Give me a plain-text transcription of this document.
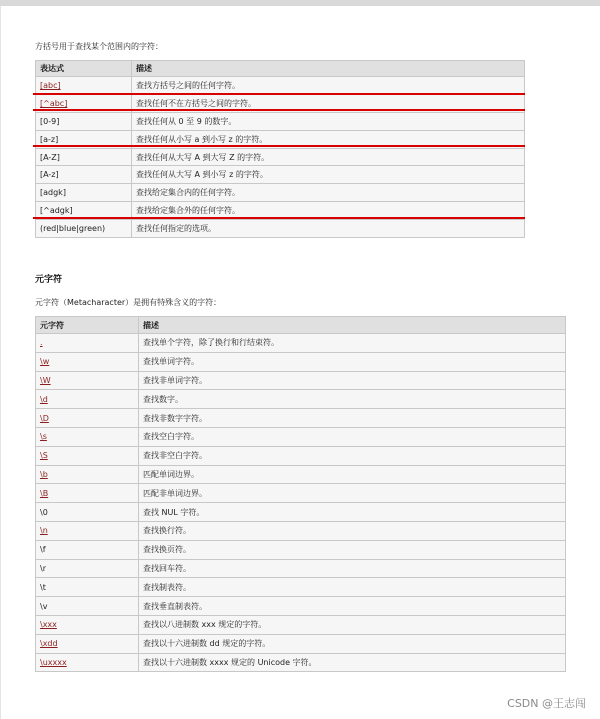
方括号用于查找某个范围内的字符：
表达式	描述
[abc]	查找方括号之间的任何字符。
[^abc]	查找任何不在方括号之间的字符。
[0-9]	查找任何从 0 至 9 的数字。
[a-z]	查找任何从小写 a 到小写 z 的字符。
[A-Z]	查找任何从大写 A 到大写 Z 的字符。
[A-z]	查找任何从大写 A 到小写 z 的字符。
[adgk]	查找给定集合内的任何字符。
[^adgk]	查找给定集合外的任何字符。
(red|blue|green)	查找任何指定的选项。
元字符
元字符（Metacharacter）是拥有特殊含义的字符：
元字符	描述
.	查找单个字符，除了换行和行结束符。
\w	查找单词字符。
\W	查找非单词字符。
\d	查找数字。
\D	查找非数字字符。
\s	查找空白字符。
\S	查找非空白字符。
\b	匹配单词边界。
\B	匹配非单词边界。
\0	查找 NUL 字符。
\n	查找换行符。
\f	查找换页符。
\r	查找回车符。
\t	查找制表符。
\v	查找垂直制表符。
\xxx	查找以八进制数 xxx 规定的字符。
\xdd	查找以十六进制数 dd 规定的字符。
\uxxxx	查找以十六进制数 xxxx 规定的 Unicode 字符。
CSDN @王志闯
